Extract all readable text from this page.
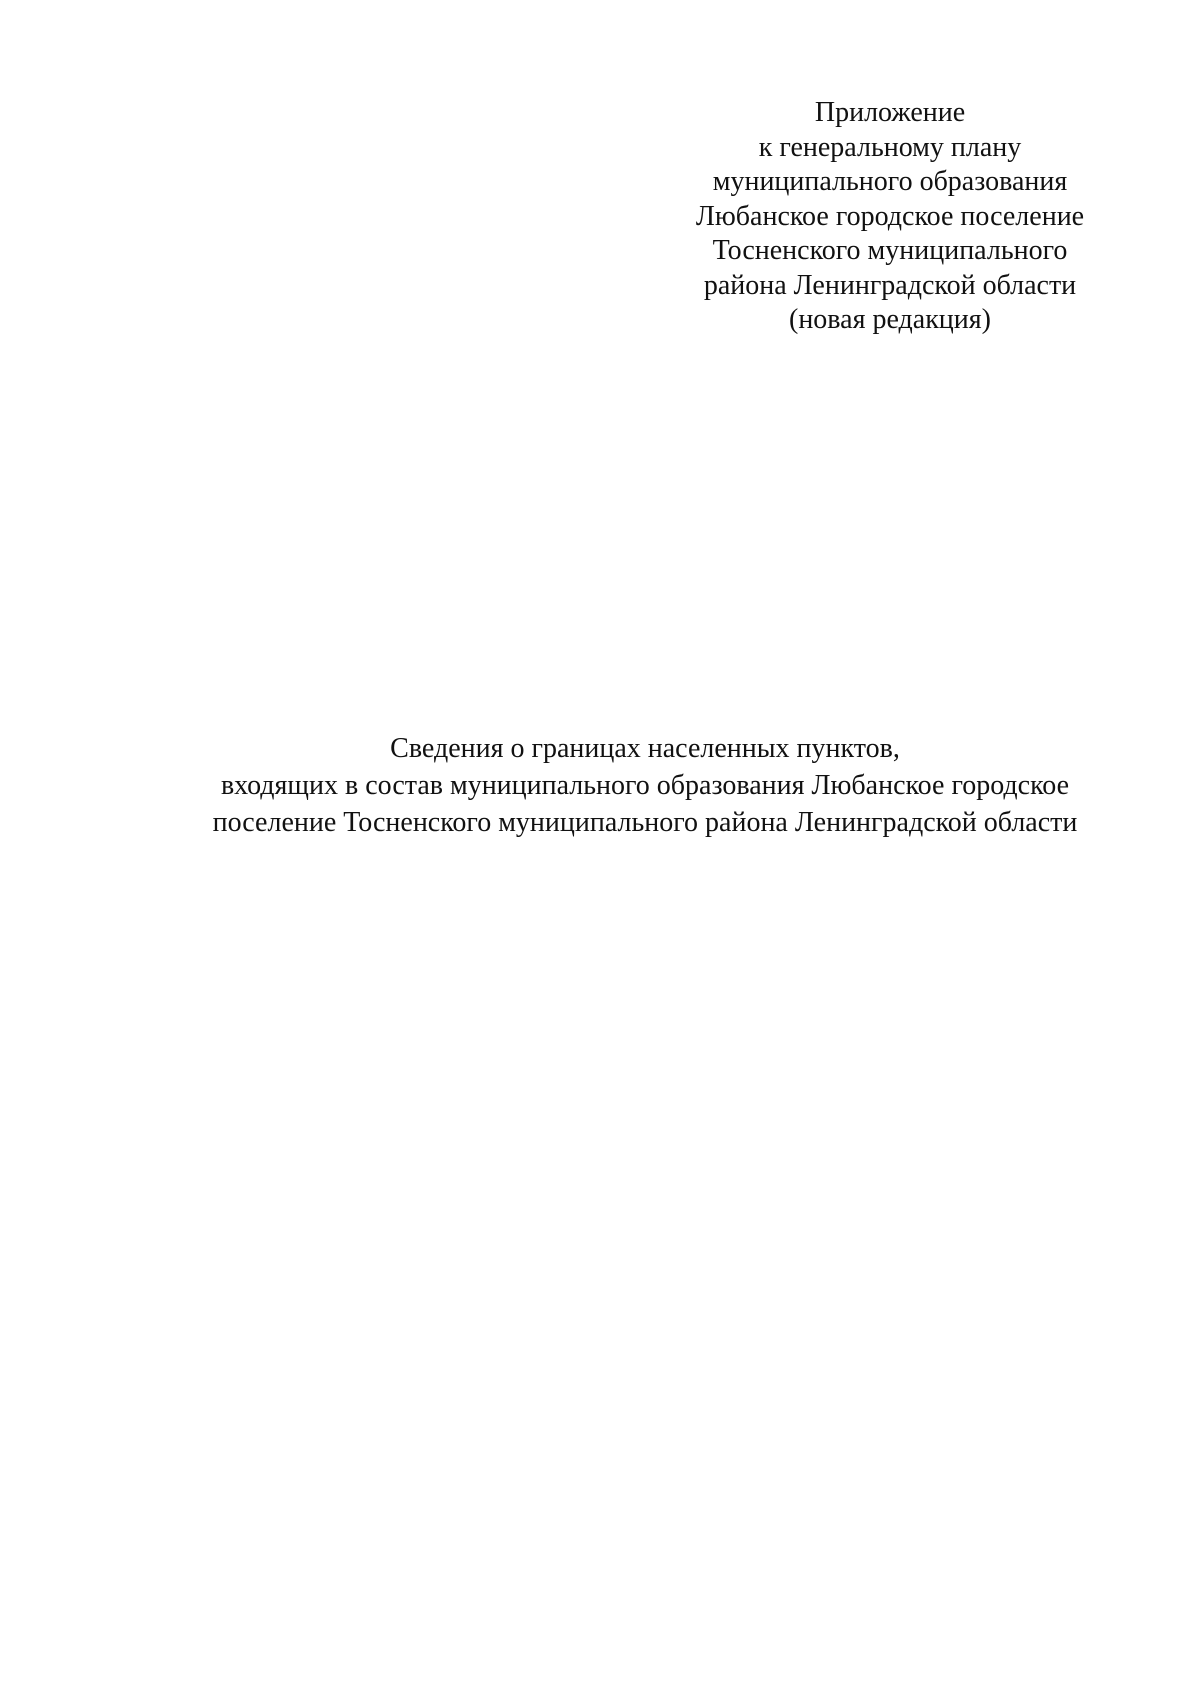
Приложение
к генеральному плану
муниципального образования
Любанское городское поселение
Тосненского муниципального
района Ленинградской области
(новая редакция)
Сведения о границах населенных пунктов,
входящих в состав муниципального образования Любанское городское
поселение Тосненского муниципального района Ленинградской области
